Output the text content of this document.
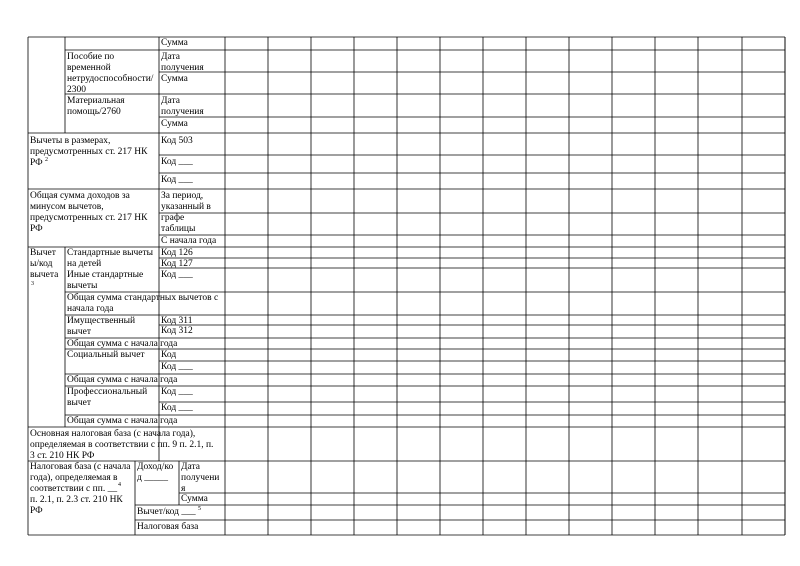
Сумма
Пособие по
временной
нетрудоспособности/
2300
Дата
получения
Сумма
Материальная
помощь/2760
Дата
получения
Сумма
Вычеты в размерах,
предусмотренных ст. 217 НК
РФ 2
Код 503
Код ___
Код ___
Общая сумма доходов за
минусом вычетов,
предусмотренных ст. 217 НК
РФ
За период,
указанный в
графе
таблицы
С начала года
Вычет
ы/код
вычета
3
Стандартные вычеты
на детей
Код 126
Код 127
Иные стандартные
вычеты
Код ___
Общая сумма стандартных вычетов с
начала года
Имущественный
вычет
Код 311
Код 312
Общая сумма с начала года
Социальный вычет Код
Код ___
Общая сумма с начала года
Профессиональный
вычет
Код ___
Код ___
Общая сумма с начала года
Основная налоговая база (с начала года),
определяемая в соответствии с пп. 9 п. 2.1, п.
3 ст. 210 НК РФ
Налоговая база (с начала
года), определяемая в
соответствии с пп. __
п. 2.1, п. 2.3 ст. 210 НК
РФ
4
Доход/ко
д _____
Дата
получени
я
Сумма
Вычет/код ___ 5
Налоговая база
